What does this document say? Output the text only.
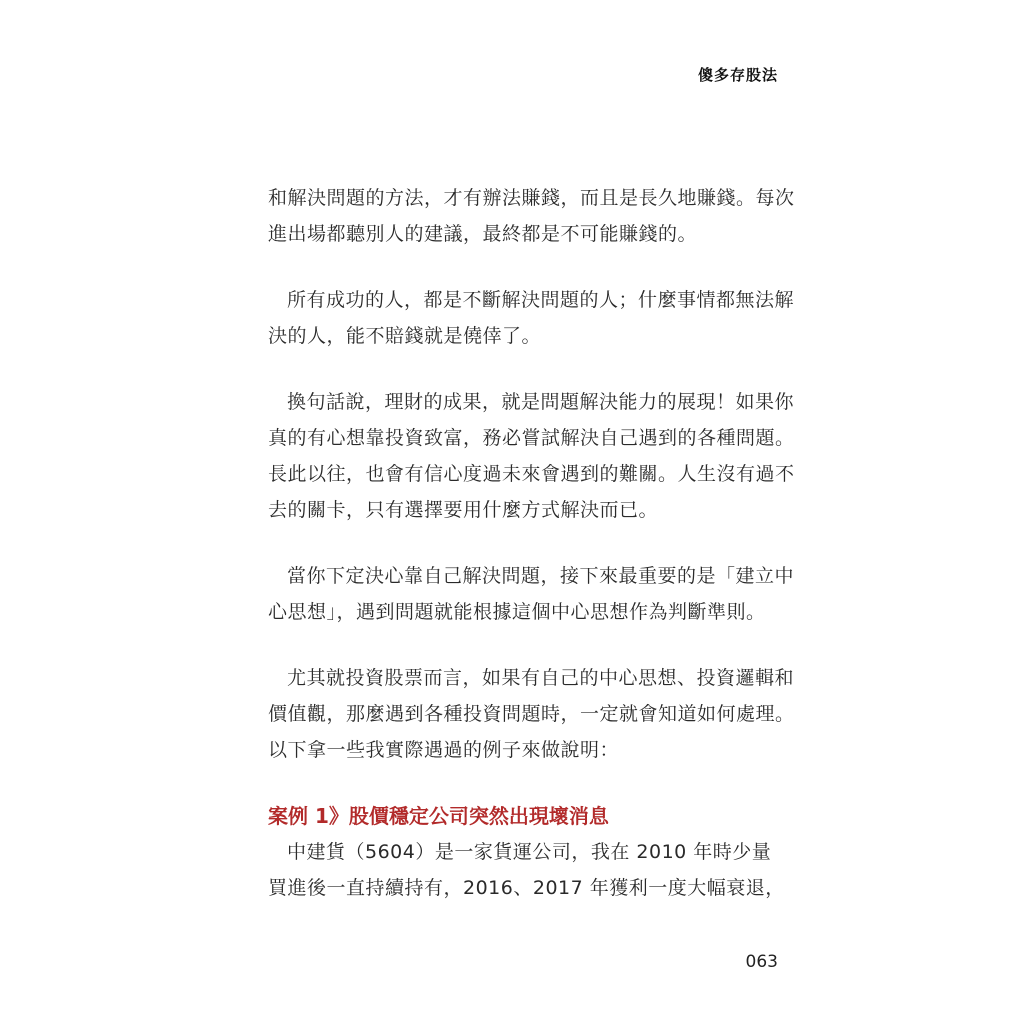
傻多存股法
和解決問題的方法，才有辦法賺錢，而且是長久地賺錢。每次
進出場都聽別人的建議，最終都是不可能賺錢的。
所有成功的人，都是不斷解決問題的人；什麼事情都無法解
決的人，能不賠錢就是僥倖了。
換句話說，理財的成果，就是問題解決能力的展現！如果你
真的有心想靠投資致富，務必嘗試解決自己遇到的各種問題。
長此以往，也會有信心度過未來會遇到的難關。人生沒有過不
去的關卡，只有選擇要用什麼方式解決而已。
當你下定決心靠自己解決問題，接下來最重要的是「建立中
心思想」，遇到問題就能根據這個中心思想作為判斷準則。
尤其就投資股票而言，如果有自己的中心思想、投資邏輯和
價值觀，那麼遇到各種投資問題時，一定就會知道如何處理。
以下拿一些我實際遇過的例子來做說明：
案例 1》股價穩定公司突然出現壞消息
中建貨（5604）是一家貨運公司，我在 2010 年時少量
買進後一直持續持有，2016、2017 年獲利一度大幅衰退，
063
